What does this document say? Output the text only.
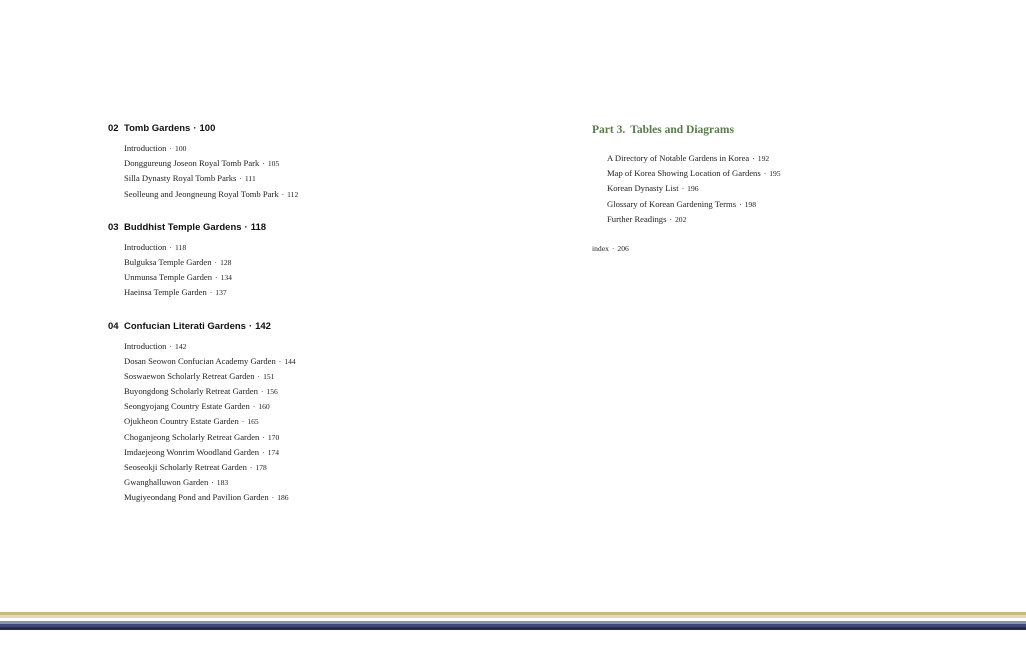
02 Tomb Gardens · 100
Introduction · 100
Donggureung Joseon Royal Tomb Park · 105
Silla Dynasty Royal Tomb Parks · 111
Seolleung and Jeongneung Royal Tomb Park · 112
03 Buddhist Temple Gardens · 118
Introduction · 118
Bulguksa Temple Garden · 128
Unmunsa Temple Garden · 134
Haeinsa Temple Garden · 137
04 Confucian Literati Gardens · 142
Introduction · 142
Dosan Seowon Confucian Academy Garden · 144
Soswaewon Scholarly Retreat Garden · 151
Buyongdong Scholarly Retreat Garden · 156
Seongyojang Country Estate Garden · 160
Ojukheon Country Estate Garden · 165
Choganjeong Scholarly Retreat Garden · 170
Imdaejeong Wonrim Woodland Garden · 174
Seoseokji Scholarly Retreat Garden · 178
Gwanghalluwon Garden · 183
Mugiyeondang Pond and Pavilion Garden · 186
Part 3. Tables and Diagrams
A Directory of Notable Gardens in Korea · 192
Map of Korea Showing Location of Gardens · 195
Korean Dynasty List · 196
Glossary of Korean Gardening Terms · 198
Further Readings · 202
index · 206
